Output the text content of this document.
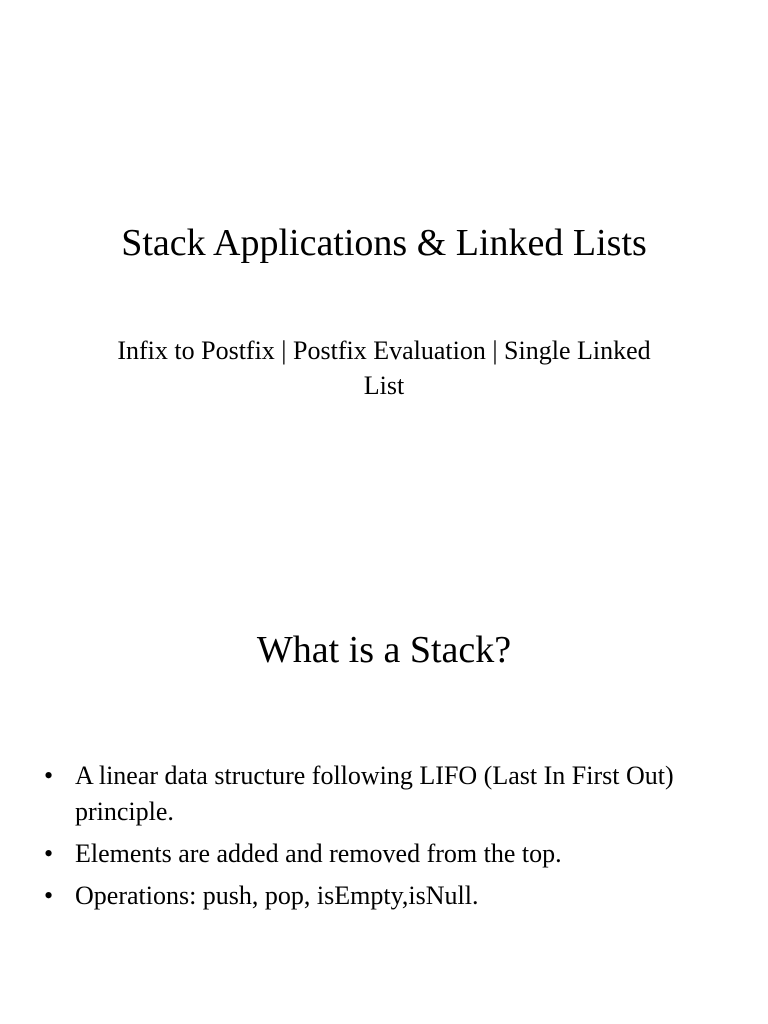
Stack Applications & Linked Lists

Infix to Postfix | Postfix Evaluation | Single Linked List

What is a Stack?
• A linear data structure following LIFO (Last In First Out) principle.
• Elements are added and removed from the top.
• Operations: push, pop, isEmpty,isNull.
